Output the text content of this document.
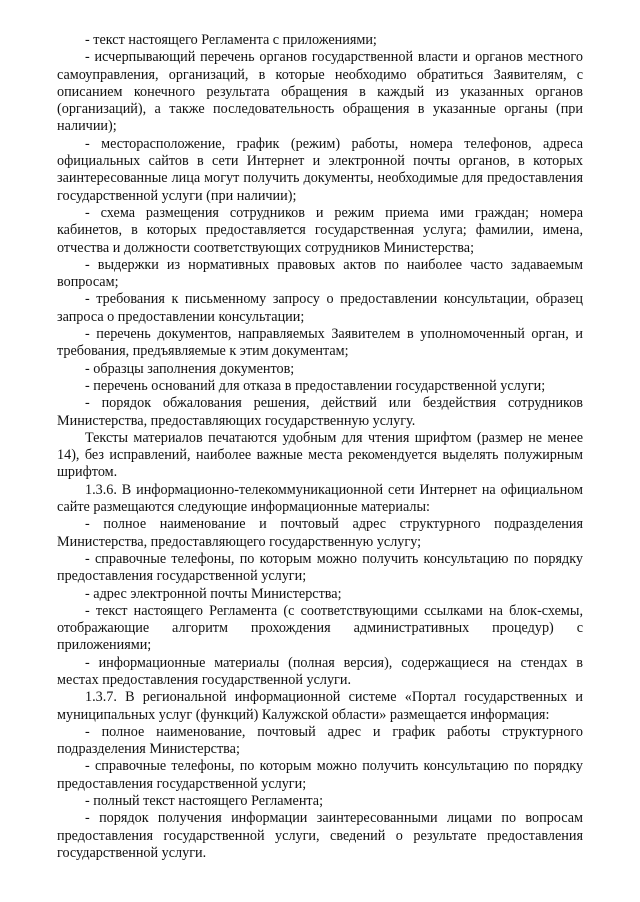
- текст настоящего Регламента с приложениями;

- исчерпывающий перечень органов государственной власти и органов местного самоуправления, организаций, в которые необходимо обратиться Заявителям, с описанием конечного результата обращения в каждый из указанных органов (организаций), а также последовательность обращения в указанные органы (при наличии);

- месторасположение, график (режим) работы, номера телефонов, адреса официальных сайтов в сети Интернет и электронной почты органов, в которых заинтересованные лица могут получить документы, необходимые для предоставления государственной услуги (при наличии);

- схема размещения сотрудников и режим приема ими граждан; номера кабинетов, в которых предоставляется государственная услуга; фамилии, имена, отчества и должности соответствующих сотрудников Министерства;

- выдержки из нормативных правовых актов по наиболее часто задаваемым вопросам;

- требования к письменному запросу о предоставлении консультации, образец запроса о предоставлении консультации;

- перечень документов, направляемых Заявителем в уполномоченный орган, и требования, предъявляемые к этим документам;

- образцы заполнения документов;

- перечень оснований для отказа в предоставлении государственной услуги;

- порядок обжалования решения, действий или бездействия сотрудников Министерства, предоставляющих государственную услугу.

Тексты материалов печатаются удобным для чтения шрифтом (размер не менее 14), без исправлений, наиболее важные места рекомендуется выделять полужирным шрифтом.

1.3.6. В информационно-телекоммуникационной сети Интернет на официальном сайте размещаются следующие информационные материалы:

- полное наименование и почтовый адрес структурного подразделения Министерства, предоставляющего государственную услугу;

- справочные телефоны, по которым можно получить консультацию по порядку предоставления государственной услуги;

- адрес электронной почты Министерства;

- текст настоящего Регламента (с соответствующими ссылками на блок-схемы, отображающие алгоритм прохождения административных процедур) с приложениями;

- информационные материалы (полная версия), содержащиеся на стендах в местах предоставления государственной услуги.

1.3.7. В региональной информационной системе «Портал государственных и муниципальных услуг (функций) Калужской области» размещается информация:

- полное наименование, почтовый адрес и график работы структурного подразделения Министерства;

- справочные телефоны, по которым можно получить консультацию по порядку предоставления государственной услуги;

- полный текст настоящего Регламента;

- порядок получения информации заинтересованными лицами по вопросам предоставления государственной услуги, сведений о результате предоставления государственной услуги.
